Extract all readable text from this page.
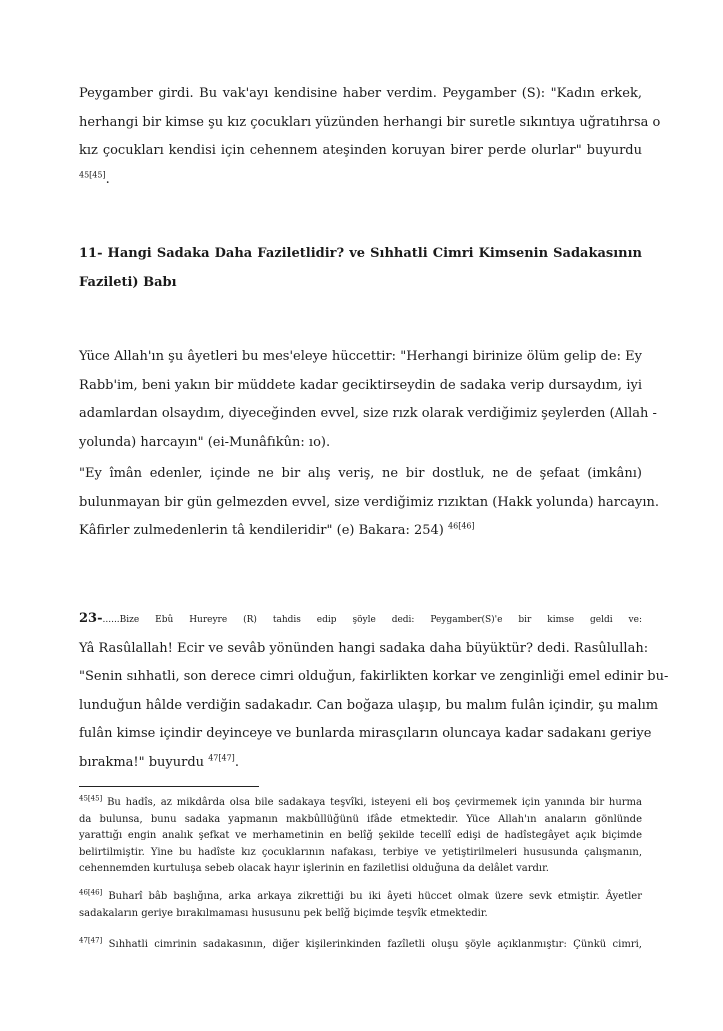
Peygamber girdi. Bu vak'ayı kendisine haber verdim. Peygamber (S): "Kadın erkek,
herhangi bir kimse şu kız çocukları yüzünden herhangi bir suretle sıkıntıya uğratıhrsa o
kız çocukları kendisi için cehennem ateşinden koruyan birer perde olurlar" buyurdu
$^{45[45]}$.
11- Hangi Sadaka Daha Faziletlidir? ve Sıhhatli Cimri Kimsenin Sadakasının
Fazileti) Babı
Yüce Allah'ın şu âyetleri bu mes'eleye hüccettir: "Herhangi birinize ölüm gelip de: Ey
Rabb'im, beni yakın bir müddete kadar geciktirseydin de sadaka verip dursaydım, iyi
adamlardan olsaydım, diyeceğinden evvel, size rızk olarak verdiğimiz şeylerden (Allah -
yolunda) harcayın" (ei-Munâfıkûn: ıo).
"Ey îmân edenler, içinde ne bir alış veriş, ne bir dostluk, ne de şefaat (imkânı)
bulunmayan bir gün gelmezden evvel, size verdiğimiz rızıktan (Hakk yolunda) harcayın.
Kâfirler zulmedenlerin tâ kendileridir" (e) Bakara: 254) $^{46[46]}$
23-......Bize Ebû Hureyre (R) tahdis edip şöyle dedi: Peygamber(S)'e bir kimse geldi ve:
Yâ Rasûlallah! Ecir ve sevâb yönünden hangi sadaka daha büyüktür? dedi. Rasûlullah:
"Senin sıhhatli, son derece cimri olduğun, fakirlikten korkar ve zenginliği emel edinir bu-
lunduğun hâlde verdiğin sadakadır. Can boğaza ulaşıp, bu malım fulân içindir, şu malım
fulân kimse içindir deyinceye ve bunlarda mirasçıların oluncaya kadar sadakanı geriye
bırakma!" buyurdu $^{47[47]}$.
$^{45[45]}$ Bu hadîs, az mikdârda olsa bile sadakaya teşvîki, isteyeni eli boş çevirmemek için yanında bir hurma
da bulunsa, bunu sadaka yapmanın makbûllüğünü ifâde etmektedir. Yüce Allah'ın anaların gönlünde
yarattığı engin analık şefkat ve merhametinin en belîğ şekilde tecellî edişi de hadîstegâyet açık biçimde
belirtilmiştir. Yine bu hadîste kız çocuklarının nafakası, terbiye ve yetiştirilmeleri hususunda çalışmanın,
cehennemden kurtuluşa sebeb olacak hayır işlerinin en faziletlisi olduğuna da delâlet vardır.
$^{46[46]}$ Buharî bâb başlığına, arka arkaya zikrettiği bu iki âyeti hüccet olmak üzere sevk etmiştir. Âyetler
sadakaların geriye bırakılmaması hususunu pek belîğ biçimde teşvîk etmektedir.
$^{47[47]}$ Sıhhatli cimrinin sadakasının, diğer kişilerinkinden fazîletli oluşu şöyle açıklanmıştır: Çünkü cimri,
